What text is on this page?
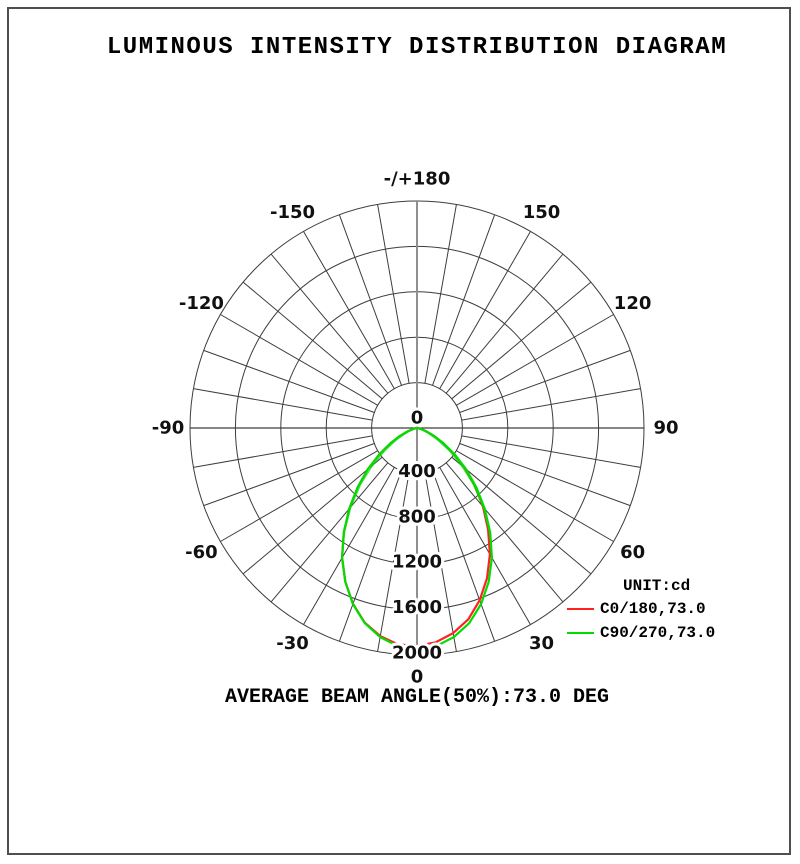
LUMINOUS INTENSITY DISTRIBUTION DIAGRAM
0
400
800
1200
1600
2000
-/+180
-150	150
-120	120
-90	90
-60	60
-30	30
0
UNIT:cd
C0/180,73.0
C90/270,73.0
AVERAGE BEAM ANGLE(50%):73.0 DEG
